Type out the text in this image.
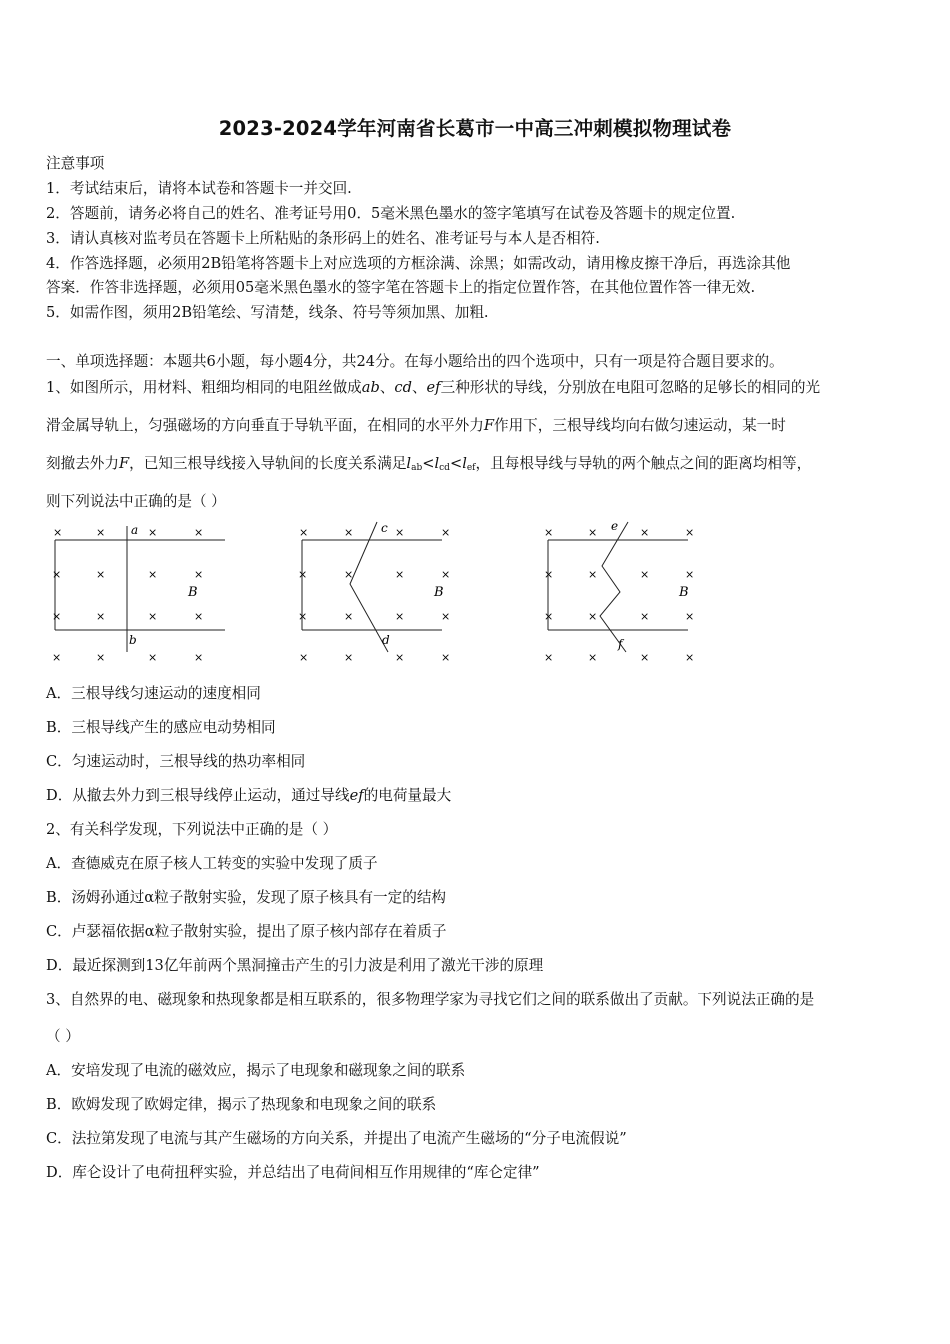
2023-2024学年河南省长葛市一中高三冲刺模拟物理试卷
注意事项
1．考试结束后，请将本试卷和答题卡一并交回.
2．答题前，请务必将自己的姓名、准考证号用0．5毫米黑色墨水的签字笔填写在试卷及答题卡的规定位置.
3．请认真核对监考员在答题卡上所粘贴的条形码上的姓名、准考证号与本人是否相符.
4．作答选择题，必须用2B铅笔将答题卡上对应选项的方框涂满、涂黑；如需改动，请用橡皮擦干净后，再选涂其他
答案．作答非选择题，必须用05毫米黑色墨水的签字笔在答题卡上的指定位置作答，在其他位置作答一律无效.
5．如需作图，须用2B铅笔绘、写清楚，线条、符号等须加黑、加粗.
一、单项选择题：本题共6小题，每小题4分，共24分。在每小题给出的四个选项中，只有一项是符合题目要求的。
1、如图所示，用材料、粗细均相同的电阻丝做成ab、cd、ef三种形状的导线，分别放在电阻可忽略的足够长的相同的光
滑金属导轨上，匀强磁场的方向垂直于导轨平面，在相同的水平外力F作用下，三根导线均向右做匀速运动，某一时
刻撤去外力F，已知三根导线接入导轨间的长度关系满足$l_{ab}<l_{cd}<l_{ef}$，且每根导线与导轨的两个触点之间的距离均相等，
则下列说法中正确的是（ ）
a
b
B
×	×	×	×
×	×	×	×
×	×	×	×
×	×	×	×
c
d
B
×	×	×	×
×	×	×	×
×	×	×	×
×	×	×	×
e
f
B
×	×	×	×
×	×	×	×
×	×	×	×
×	×	×	×
A．三根导线匀速运动的速度相同
B．三根导线产生的感应电动势相同
C．匀速运动时，三根导线的热功率相同
D．从撤去外力到三根导线停止运动，通过导线ef的电荷量最大
2、有关科学发现，下列说法中正确的是（ ）
A．查德威克在原子核人工转变的实验中发现了质子
B．汤姆孙通过α粒子散射实验，发现了原子核具有一定的结构
C．卢瑟福依据α粒子散射实验，提出了原子核内部存在着质子
D．最近探测到13亿年前两个黑洞撞击产生的引力波是利用了激光干涉的原理
3、自然界的电、磁现象和热现象都是相互联系的，很多物理学家为寻找它们之间的联系做出了贡献。下列说法正确的是
（ ）
A．安培发现了电流的磁效应，揭示了电现象和磁现象之间的联系
B．欧姆发现了欧姆定律，揭示了热现象和电现象之间的联系
C．法拉第发现了电流与其产生磁场的方向关系，并提出了电流产生磁场的“分子电流假说”
D．库仑设计了电荷扭秤实验，并总结出了电荷间相互作用规律的“库仑定律”
